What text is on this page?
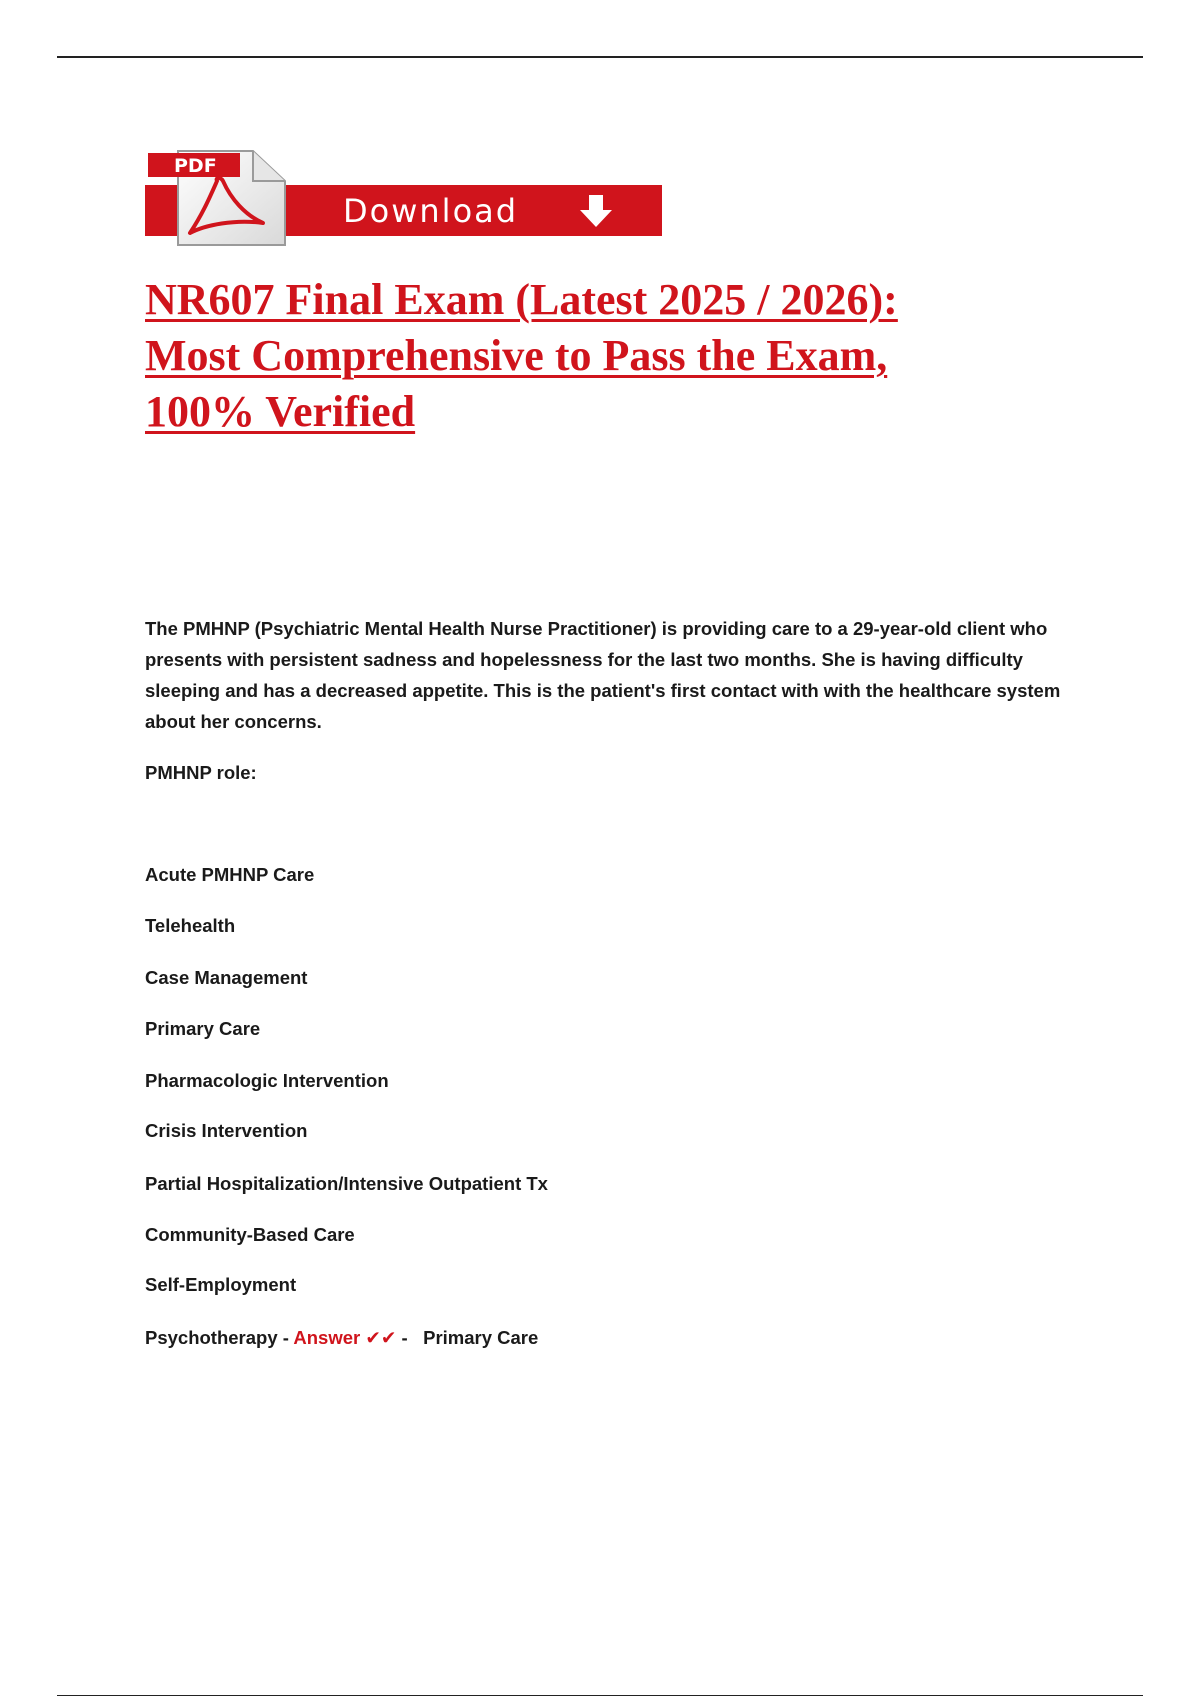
PDF
Download
NR607 Final Exam (Latest 2025 / 2026):
Most Comprehensive to Pass the Exam,
100% Verified

The PMHNP (Psychiatric Mental Health Nurse Practitioner) is providing care to a 29-year-old client who presents with persistent sadness and hopelessness for the last two months. She is having difficulty sleeping and has a decreased appetite. This is the patient's first contact with with the healthcare system about her concerns.

PMHNP role:

Acute PMHNP Care

Telehealth

Case Management

Primary Care

Pharmacologic Intervention

Crisis Intervention

Partial Hospitalization/Intensive Outpatient Tx

Community-Based Care

Self-Employment

Psychotherapy - Answer ✔✔ -   Primary Care
